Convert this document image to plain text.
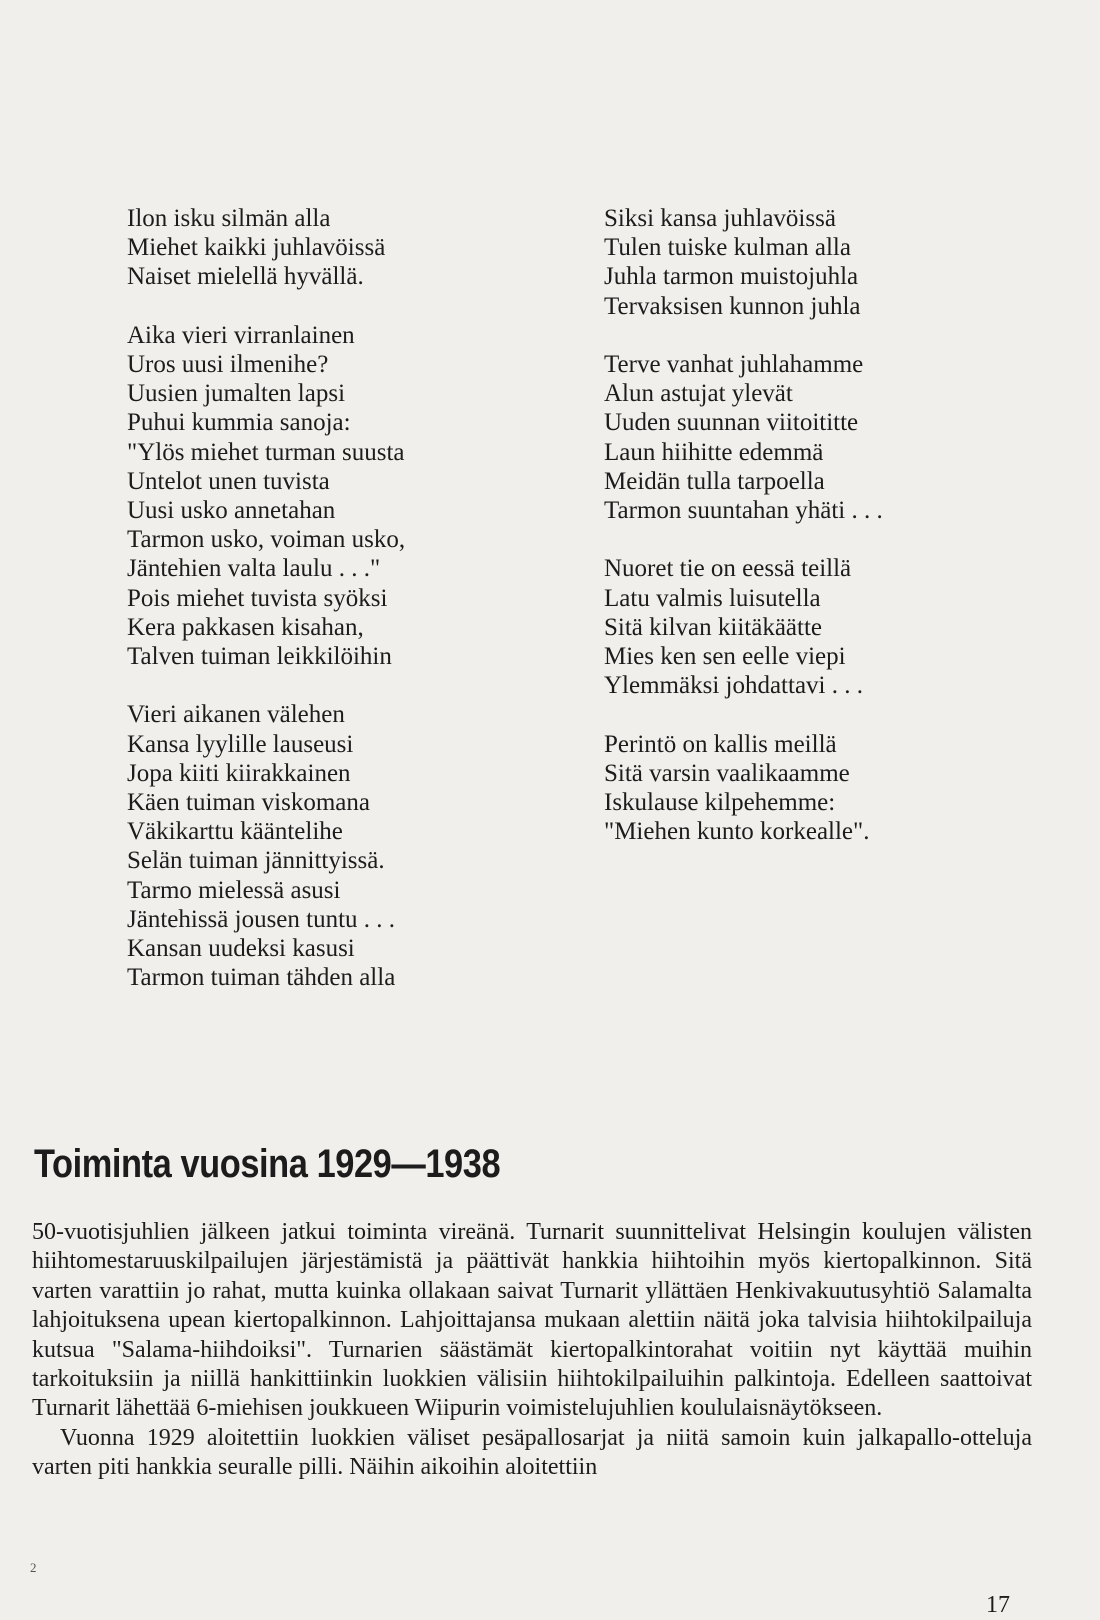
Ilon isku silmän alla
Miehet kaikki juhlavöissä
Naiset mielellä hyvällä.
Aika vieri virranlainen
Uros uusi ilmenihe?
Uusien jumalten lapsi
Puhui kummia sanoja:
"Ylös miehet turman suusta
Untelot unen tuvista
Uusi usko annetahan
Tarmon usko, voiman usko,
Jäntehien valta laulu . . ."
Pois miehet tuvista syöksi
Kera pakkasen kisahan,
Talven tuiman leikkilöihin
Vieri aikanen välehen
Kansa lyylille lauseusi
Jopa kiiti kiirakkainen
Käen tuiman viskomana
Väkikarttu kääntelihe
Selän tuiman jännittyissä.
Tarmo mielessä asusi
Jäntehissä jousen tuntu . . .
Kansan uudeksi kasusi
Tarmon tuiman tähden alla
Siksi kansa juhlavöissä
Tulen tuiske kulman alla
Juhla tarmon muistojuhla
Tervaksisen kunnon juhla
Terve vanhat juhlahamme
Alun astujat ylevät
Uuden suunnan viitoititte
Laun hiihitte edemmä
Meidän tulla tarpoella
Tarmon suuntahan yhäti . . .
Nuoret tie on eessä teillä
Latu valmis luisutella
Sitä kilvan kiitäkäätte
Mies ken sen eelle viepi
Ylemmäksi johdattavi . . .
Perintö on kallis meillä
Sitä varsin vaalikaamme
Iskulause kilpehemme:
"Miehen kunto korkealle".
Toiminta vuosina 1929—1938

50-vuotisjuhlien jälkeen jatkui toiminta vireänä. Turnarit suunnittelivat Helsingin koulujen välisten hiihtomestaruuskilpailujen järjestämistä ja päättivät hankkia hiihtoihin myös kiertopalkinnon. Sitä varten varattiin jo rahat, mutta kuinka ollakaan saivat Turnarit yllättäen Henkivakuutusyhtiö Salamalta lahjoituksena upean kiertopalkinnon. Lahjoittajansa mukaan alettiin näitä joka talvisia hiihtokilpailuja kutsua "Salama-hiihdoiksi". Turnarien säästämät kiertopalkintorahat voitiin nyt käyttää muihin tarkoituksiin ja niillä hankittiinkin luokkien välisiin hiihtokilpailuihin palkintoja. Edelleen saattoivat Turnarit lähettää 6-miehisen joukkueen Wiipurin voimistelujuhlien koululaisnäytökseen.

Vuonna 1929 aloitettiin luokkien väliset pesäpallosarjat ja niitä samoin kuin jalkapallo-otteluja varten piti hankkia seuralle pilli. Näihin aikoihin aloitettiin

2
17
